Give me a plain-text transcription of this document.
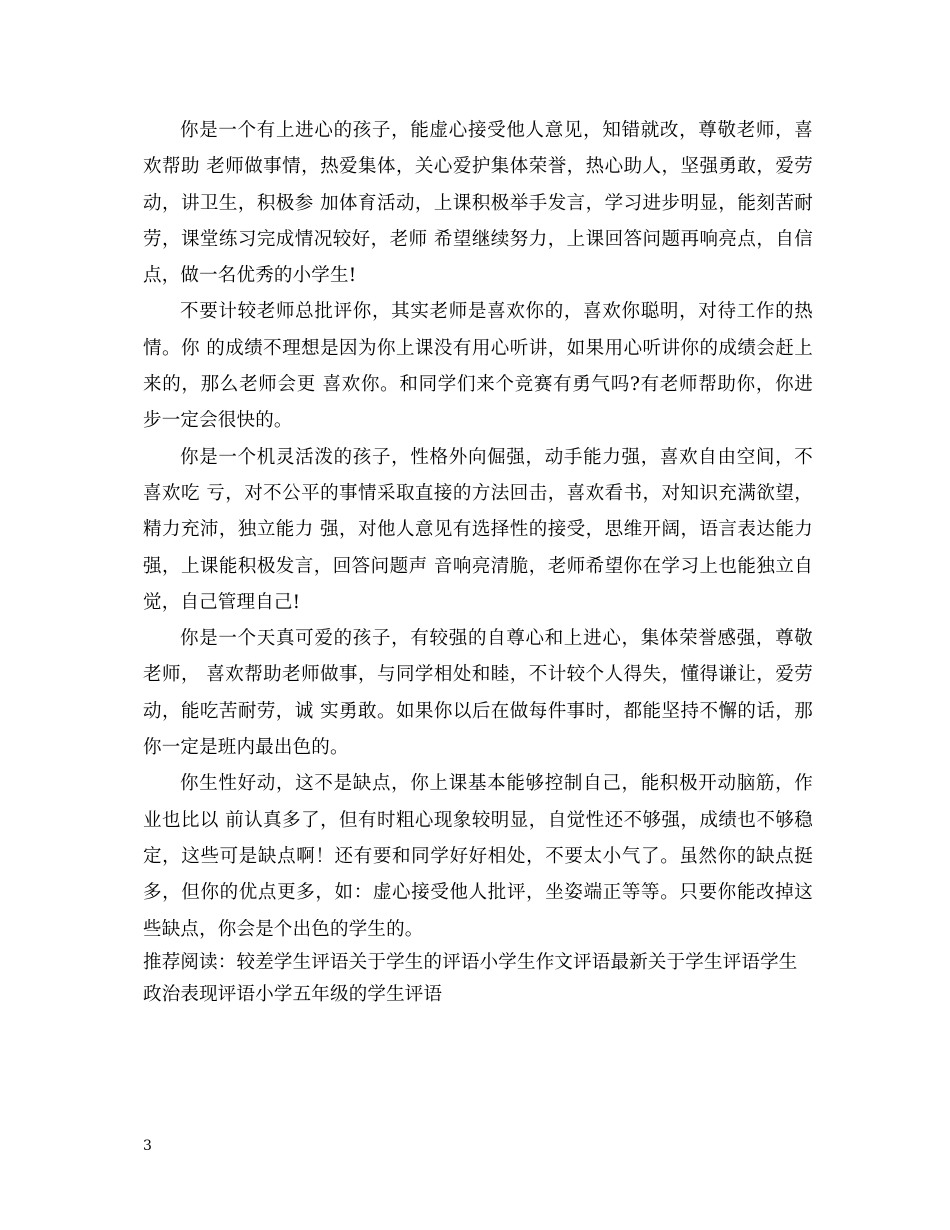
你是一个有上进心的孩子，能虚心接受他人意见，知错就改，尊敬老师，喜欢帮助 老师做事情，热爱集体，关心爱护集体荣誉，热心助人，坚强勇敢，爱劳动，讲卫生，积极参 加体育活动，上课积极举手发言，学习进步明显，能刻苦耐劳，课堂练习完成情况较好，老师 希望继续努力，上课回答问题再响亮点，自信点，做一名优秀的小学生!

不要计较老师总批评你，其实老师是喜欢你的，喜欢你聪明，对待工作的热情。你 的成绩不理想是因为你上课没有用心听讲，如果用心听讲你的成绩会赶上来的，那么老师会更 喜欢你。和同学们来个竞赛有勇气吗?有老师帮助你，你进步一定会很快的。

你是一个机灵活泼的孩子，性格外向倔强，动手能力强，喜欢自由空间，不喜欢吃 亏，对不公平的事情采取直接的方法回击，喜欢看书，对知识充满欲望，精力充沛，独立能力 强，对他人意见有选择性的接受，思维开阔，语言表达能力强，上课能积极发言，回答问题声 音响亮清脆，老师希望你在学习上也能独立自觉，自己管理自己!

你是一个天真可爱的孩子，有较强的自尊心和上进心，集体荣誉感强，尊敬老师， 喜欢帮助老师做事，与同学相处和睦，不计较个人得失，懂得谦让，爱劳动，能吃苦耐劳，诚 实勇敢。如果你以后在做每件事时，都能坚持不懈的话，那你一定是班内最出色的。

你生性好动，这不是缺点，你上课基本能够控制自己，能积极开动脑筋，作业也比以 前认真多了，但有时粗心现象较明显，自觉性还不够强，成绩也不够稳定，这些可是缺点啊！还有要和同学好好相处，不要太小气了。虽然你的缺点挺多，但你的优点更多，如：虚心接受他人批评，坐姿端正等等。只要你能改掉这些缺点，你会是个出色的学生的。

推荐阅读：较差学生评语关于学生的评语小学生作文评语最新关于学生评语学生政治表现评语小学五年级的学生评语

3
